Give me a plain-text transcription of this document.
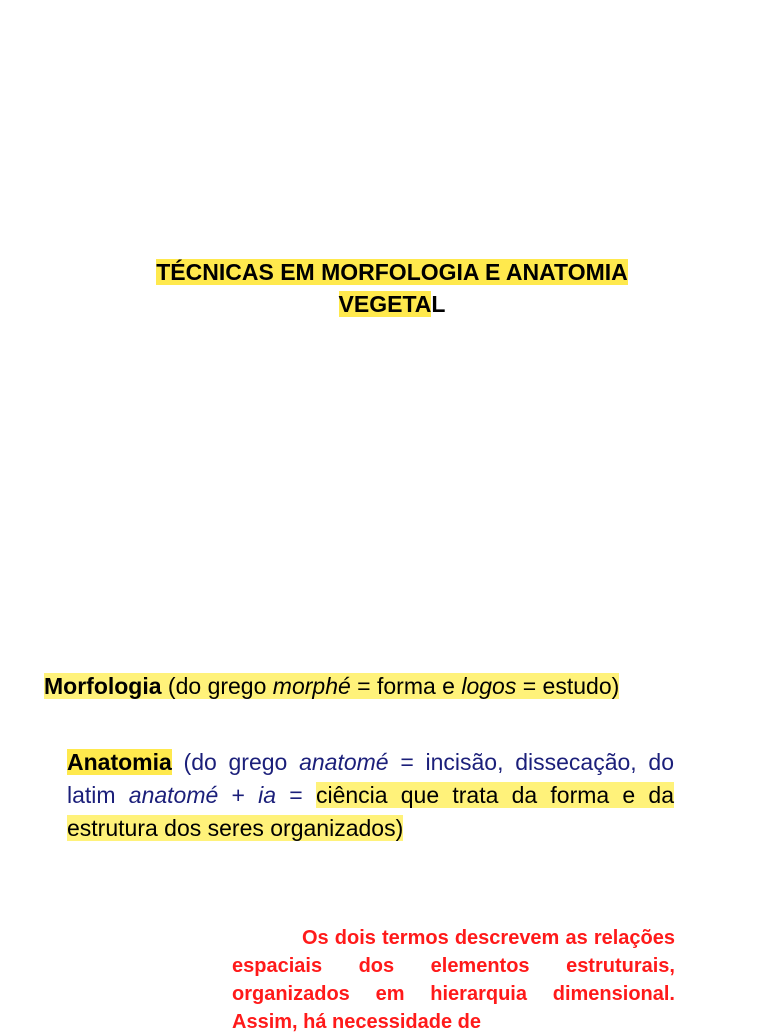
TÉCNICAS EM MORFOLOGIA E ANATOMIA
VEGETAL
Morfologia (do grego morphé = forma e logos = estudo)
Anatomia (do grego anatomé = incisão, dissecação, do latim anatomé + ia = ciência que trata da forma e da estrutura dos seres organizados)
Os dois termos descrevem as relações espaciais dos elementos estruturais, organizados em hierarquia dimensional. Assim, há necessidade de
